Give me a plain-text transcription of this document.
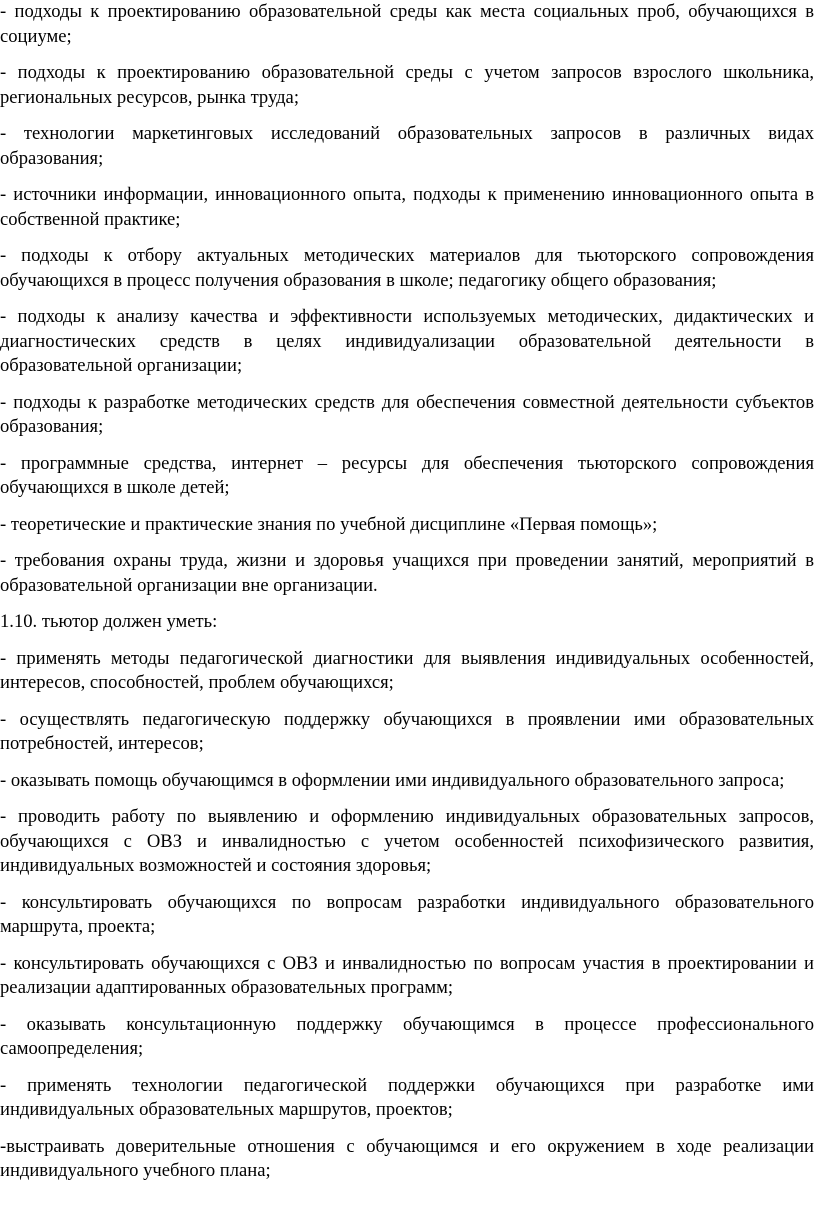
- подходы к проектированию образовательной среды как места социальных проб, обучающихся в социуме;

- подходы к проектированию образовательной среды с учетом запросов взрослого школьника, региональных ресурсов, рынка труда;

- технологии маркетинговых исследований образовательных запросов в различных видах образования;

- источники информации, инновационного опыта, подходы к применению инновационного опыта в собственной практике;

- подходы к отбору актуальных методических материалов для тьюторского сопровождения обучающихся в процесс получения образования в школе; педагогику общего образования;

- подходы к анализу качества и эффективности используемых методических, дидактических и диагностических средств в целях индивидуализации образовательной деятельности в образовательной организации;

- подходы к разработке методических средств для обеспечения совместной деятельности субъектов образования;

- программные средства, интернет – ресурсы для обеспечения тьюторского сопровождения обучающихся в школе детей;

- теоретические и практические знания по учебной дисциплине «Первая помощь»;

- требования охраны труда, жизни и здоровья учащихся при проведении занятий, мероприятий в образовательной организации вне организации.

1.10. тьютор должен уметь:

- применять методы педагогической диагностики для выявления индивидуальных особенностей, интересов, способностей, проблем обучающихся;

- осуществлять педагогическую поддержку обучающихся в проявлении ими образовательных потребностей, интересов;

- оказывать помощь обучающимся в оформлении ими индивидуального образовательного запроса;

- проводить работу по выявлению и оформлению индивидуальных образовательных запросов, обучающихся с ОВЗ и инвалидностью с учетом особенностей психофизического развития, индивидуальных возможностей и состояния здоровья;

- консультировать обучающихся по вопросам разработки индивидуального образовательного маршрута, проекта;

- консультировать обучающихся с ОВЗ и инвалидностью по вопросам участия в проектировании и реализации адаптированных образовательных программ;

- оказывать консультационную поддержку обучающимся в процессе профессионального самоопределения;

- применять технологии педагогической поддержки обучающихся при разработке ими индивидуальных образовательных маршрутов, проектов;

-выстраивать доверительные отношения с обучающимся и его окружением в ходе реализации индивидуального учебного плана;
